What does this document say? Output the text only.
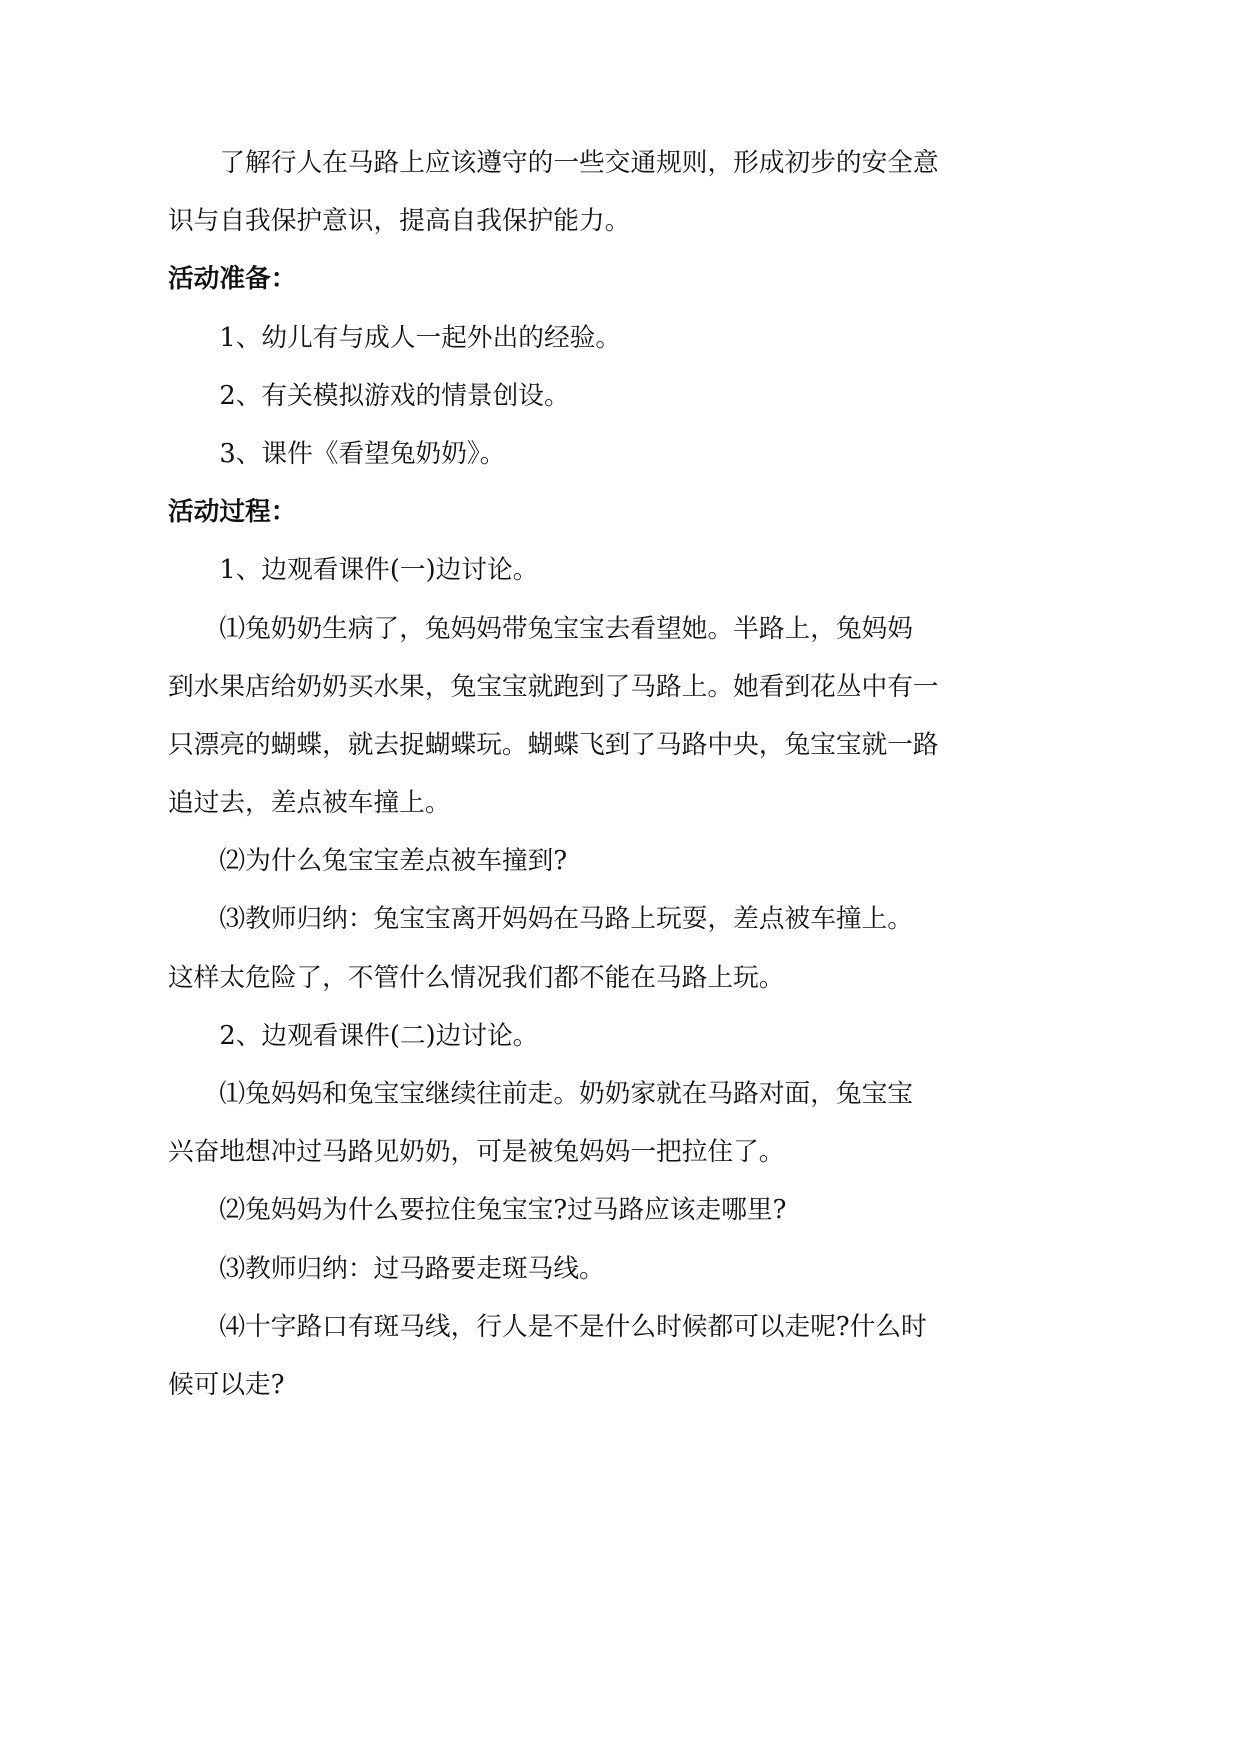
了解行人在马路上应该遵守的一些交通规则，形成初步的安全意
识与自我保护意识，提高自我保护能力。
活动准备：
1、幼儿有与成人一起外出的经验。
2、有关模拟游戏的情景创设。
3、课件《看望兔奶奶》。
活动过程：
1、边观看课件(一)边讨论。
⑴兔奶奶生病了，兔妈妈带兔宝宝去看望她。半路上，兔妈妈
到水果店给奶奶买水果，兔宝宝就跑到了马路上。她看到花丛中有一
只漂亮的蝴蝶，就去捉蝴蝶玩。蝴蝶飞到了马路中央，兔宝宝就一路
追过去，差点被车撞上。
⑵为什么兔宝宝差点被车撞到?
⑶教师归纳：兔宝宝离开妈妈在马路上玩耍，差点被车撞上。
这样太危险了，不管什么情况我们都不能在马路上玩。
2、边观看课件(二)边讨论。
⑴兔妈妈和兔宝宝继续往前走。奶奶家就在马路对面，兔宝宝
兴奋地想冲过马路见奶奶，可是被兔妈妈一把拉住了。
⑵兔妈妈为什么要拉住兔宝宝?过马路应该走哪里?
⑶教师归纳：过马路要走斑马线。
⑷十字路口有斑马线，行人是不是什么时候都可以走呢?什么时
候可以走?
